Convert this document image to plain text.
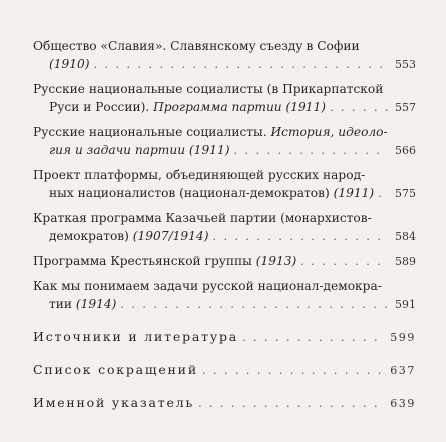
Общество «Славия». Славянскому съезду в Софии
(1910) . . .	553
Русские национальные социалисты (в Прикарпатской
Руси и России). Программа партии (1911) . . .	557
Русские национальные социалисты. История, идеоло-
гия и задачи партии (1911) . . .	566
Проект платформы, объединяющей русских народ-
ных националистов (национал-демократов) (1911) . . . 575
Краткая программа Казачьей партии (монархистов-
демократов) (1907/1914) . . .	584
Программа Крестьянской группы (1913) . . .	589
Как мы понимаем задачи русской национал-демокра-
тии (1914) . . .	591
Источники и литература . . .	599
Список сокращений . . .	637
Именной указатель . . .	639
